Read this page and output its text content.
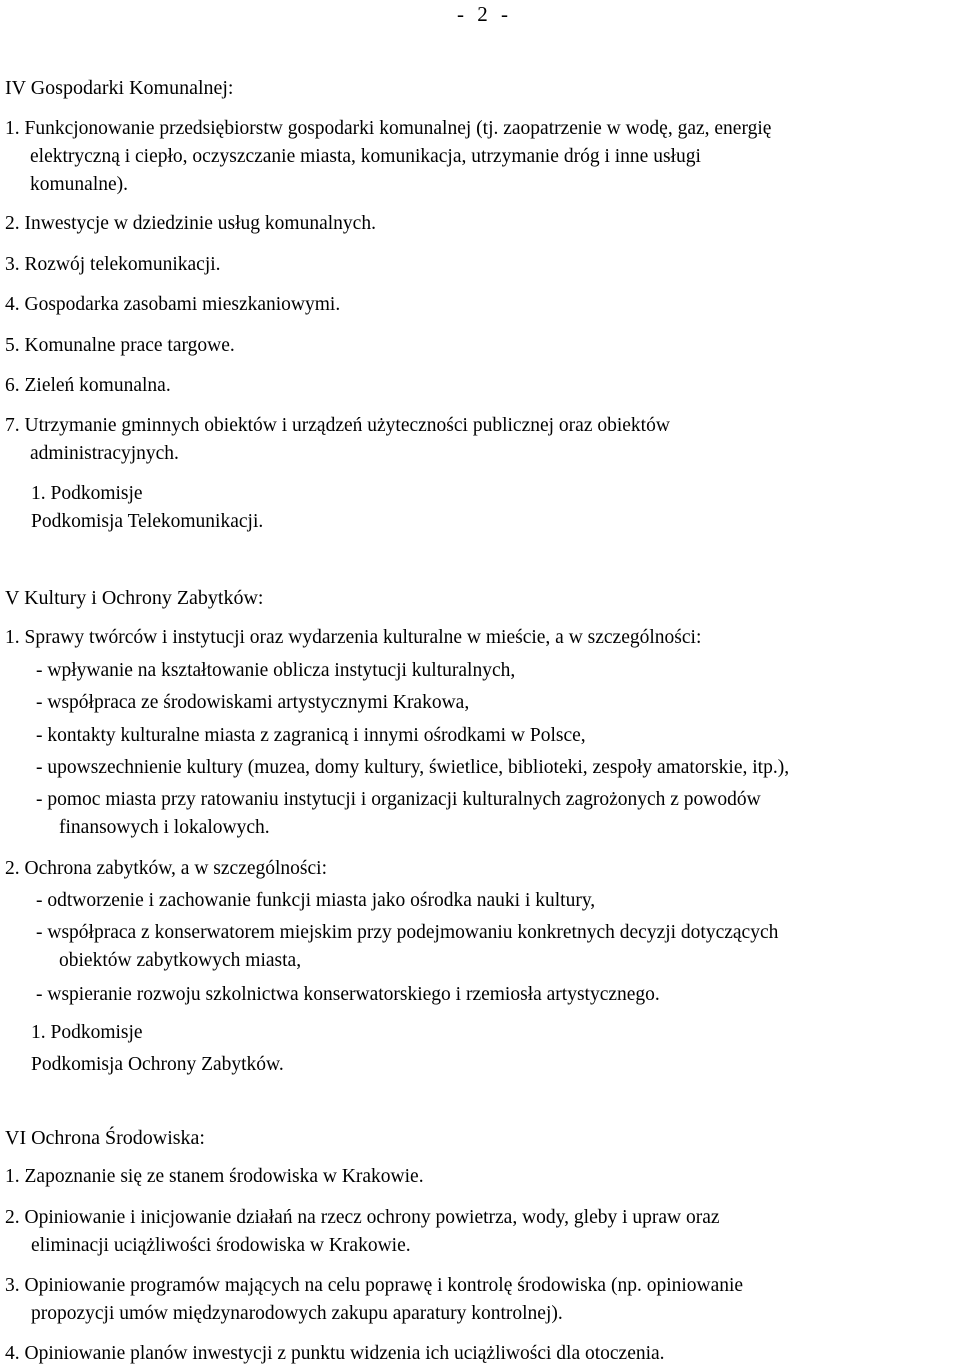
- 2 -
IV Gospodarki Komunalnej:
1. Funkcjonowanie przedsiębiorstw gospodarki komunalnej (tj. zaopatrzenie w wodę, gaz, energię
elektryczną i ciepło, oczyszczanie miasta, komunikacja, utrzymanie dróg i inne usługi
komunalne).
2. Inwestycje w dziedzinie usług komunalnych.
3. Rozwój telekomunikacji.
4. Gospodarka zasobami mieszkaniowymi.
5. Komunalne prace targowe.
6. Zieleń komunalna.
7. Utrzymanie gminnych obiektów i urządzeń użyteczności publicznej oraz obiektów
administracyjnych.
1. Podkomisje
Podkomisja Telekomunikacji.
V Kultury i Ochrony Zabytków:
1. Sprawy twórców i instytucji oraz wydarzenia kulturalne w mieście, a w szczególności:
- wpływanie na kształtowanie oblicza instytucji kulturalnych,
- współpraca ze środowiskami artystycznymi Krakowa,
- kontakty kulturalne miasta z zagranicą i innymi ośrodkami w Polsce,
- upowszechnienie kultury (muzea, domy kultury, świetlice, biblioteki, zespoły amatorskie, itp.),
- pomoc miasta przy ratowaniu instytucji i organizacji kulturalnych zagrożonych z powodów
finansowych i lokalowych.
2. Ochrona zabytków, a w szczególności:
- odtworzenie i zachowanie funkcji miasta jako ośrodka nauki i kultury,
- współpraca z konserwatorem miejskim przy podejmowaniu konkretnych decyzji dotyczących
obiektów zabytkowych miasta,
- wspieranie rozwoju szkolnictwa konserwatorskiego i rzemiosła artystycznego.
1. Podkomisje
Podkomisja Ochrony Zabytków.
VI Ochrona Środowiska:
1. Zapoznanie się ze stanem środowiska w Krakowie.
2. Opiniowanie i inicjowanie działań na rzecz ochrony powietrza, wody, gleby i upraw oraz
eliminacji uciążliwości środowiska w Krakowie.
3. Opiniowanie programów mających na celu poprawę i kontrolę środowiska (np. opiniowanie
propozycji umów międzynarodowych zakupu aparatury kontrolnej).
4. Opiniowanie planów inwestycji z punktu widzenia ich uciążliwości dla otoczenia.
